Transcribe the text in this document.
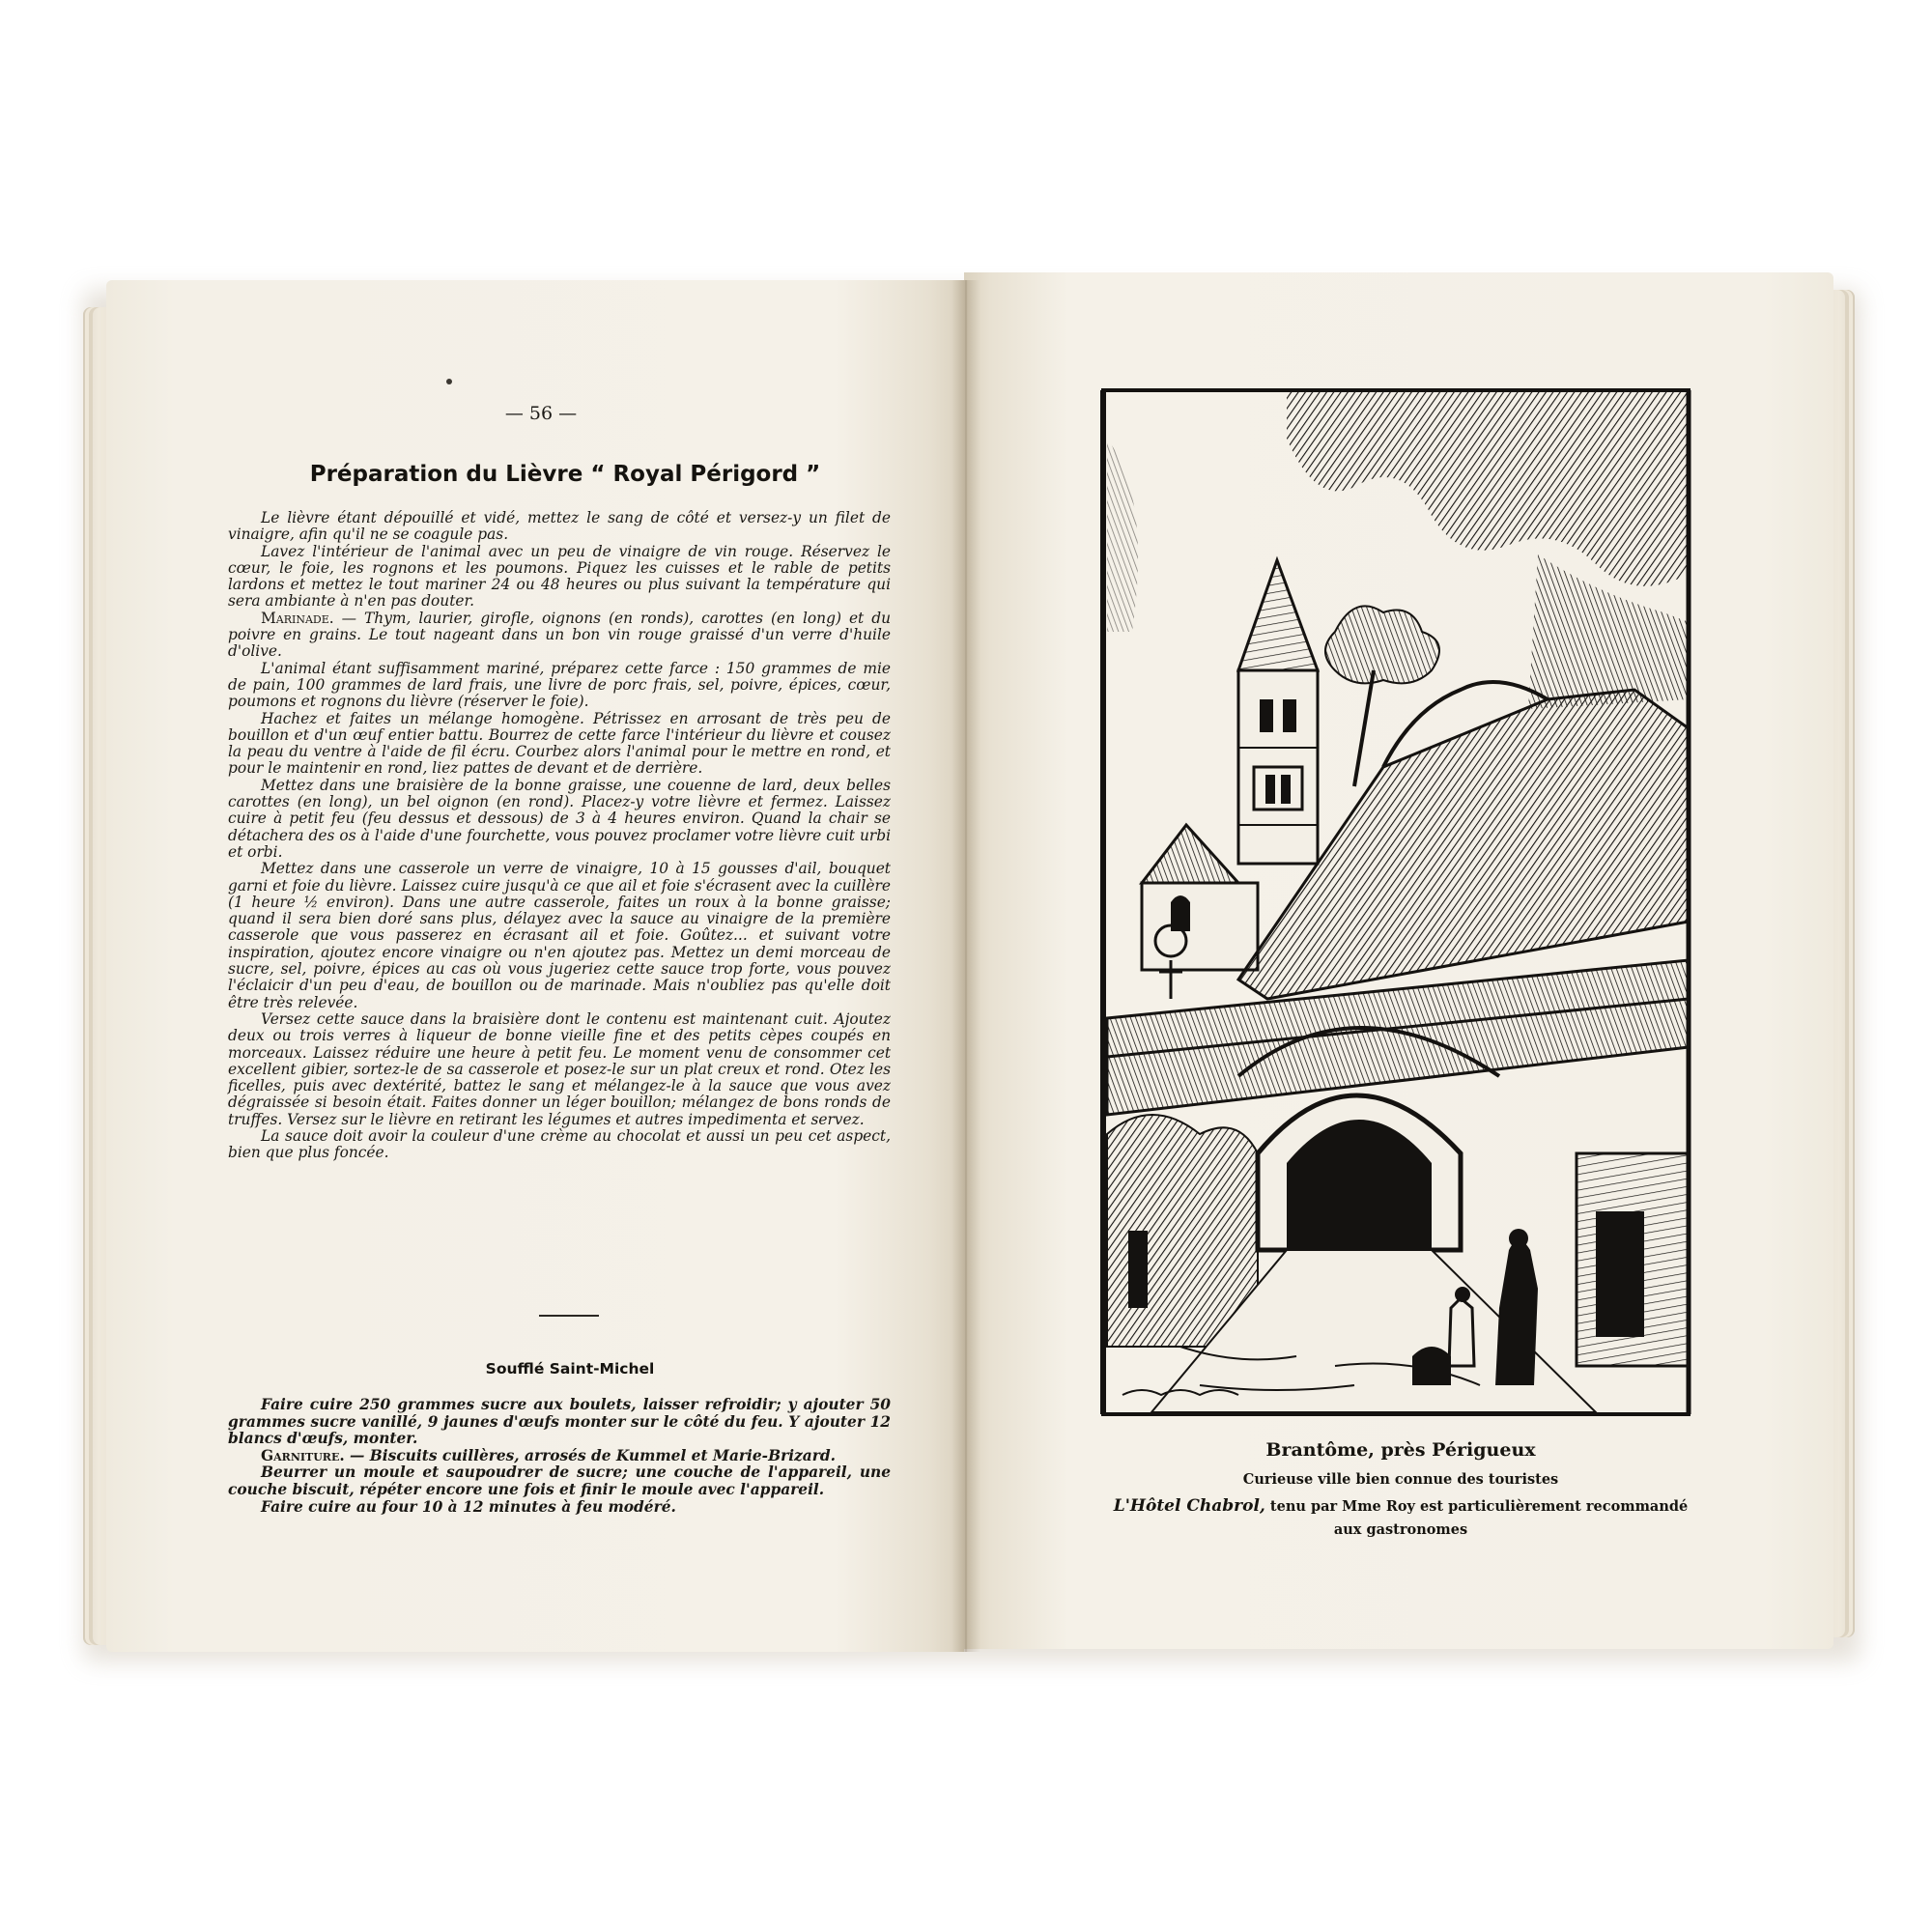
— 56 —
Préparation du Lièvre “ Royal Périgord ”

Le lièvre étant dépouillé et vidé, mettez le sang de côté et versez-y un filet de vinaigre, afin qu'il ne se coagule pas.

Lavez l'intérieur de l'animal avec un peu de vinaigre de vin rouge. Réservez le cœur, le foie, les rognons et les poumons. Piquez les cuisses et le rable de petits lardons et mettez le tout mariner 24 ou 48 heures ou plus suivant la température qui sera ambiante à n'en pas douter.

Marinade. — Thym, laurier, girofle, oignons (en ronds), carottes (en long) et du poivre en grains. Le tout nageant dans un bon vin rouge graissé d'un verre d'huile d'olive.

L'animal étant suffisamment mariné, préparez cette farce : 150 grammes de mie de pain, 100 grammes de lard frais, une livre de porc frais, sel, poivre, épices, cœur, poumons et rognons du lièvre (réserver le foie).

Hachez et faites un mélange homogène. Pétrissez en arrosant de très peu de bouillon et d'un œuf entier battu. Bourrez de cette farce l'intérieur du lièvre et cousez la peau du ventre à l'aide de fil écru. Courbez alors l'animal pour le mettre en rond, et pour le maintenir en rond, liez pattes de devant et de derrière.

Mettez dans une braisière de la bonne graisse, une couenne de lard, deux belles carottes (en long), un bel oignon (en rond). Placez-y votre lièvre et fermez. Laissez cuire à petit feu (feu dessus et dessous) de 3 à 4 heures environ. Quand la chair se détachera des os à l'aide d'une fourchette, vous pouvez proclamer votre lièvre cuit urbi et orbi.

Mettez dans une casserole un verre de vinaigre, 10 à 15 gousses d'ail, bouquet garni et foie du lièvre. Laissez cuire jusqu'à ce que ail et foie s'écrasent avec la cuillère (1 heure ½ environ). Dans une autre casserole, faites un roux à la bonne graisse; quand il sera bien doré sans plus, délayez avec la sauce au vinaigre de la première casserole que vous passerez en écrasant ail et foie. Goûtez... et suivant votre inspiration, ajoutez encore vinaigre ou n'en ajoutez pas. Mettez un demi morceau de sucre, sel, poivre, épices au cas où vous jugeriez cette sauce trop forte, vous pouvez l'éclaicir d'un peu d'eau, de bouillon ou de marinade. Mais n'oubliez pas qu'elle doit être très relevée.

Versez cette sauce dans la braisière dont le contenu est maintenant cuit. Ajoutez deux ou trois verres à liqueur de bonne vieille fine et des petits cèpes coupés en morceaux. Laissez réduire une heure à petit feu. Le moment venu de consommer cet excellent gibier, sortez-le de sa casserole et posez-le sur un plat creux et rond. Otez les ficelles, puis avec dextérité, battez le sang et mélangez-le à la sauce que vous avez dégraissée si besoin était. Faites donner un léger bouillon; mélangez de bons ronds de truffes. Versez sur le lièvre en retirant les légumes et autres impedimenta et servez.

La sauce doit avoir la couleur d'une crème au chocolat et aussi un peu cet aspect, bien que plus foncée.

Soufflé Saint-Michel

Faire cuire 250 grammes sucre aux boulets, laisser refroidir; y ajouter 50 grammes sucre vanillé, 9 jaunes d'œufs monter sur le côté du feu. Y ajouter 12 blancs d'œufs, monter.

Garniture. — Biscuits cuillères, arrosés de Kummel et Marie-Brizard.

Beurrer un moule et saupoudrer de sucre; une couche de l'appareil, une couche biscuit, répéter encore une fois et finir le moule avec l'appareil.

Faire cuire au four 10 à 12 minutes à feu modéré.

Brantôme, près Périgueux
Curieuse ville bien connue des touristes
L'Hôtel Chabrol, tenu par Mme Roy est particulièrement recommandé
aux gastronomes
